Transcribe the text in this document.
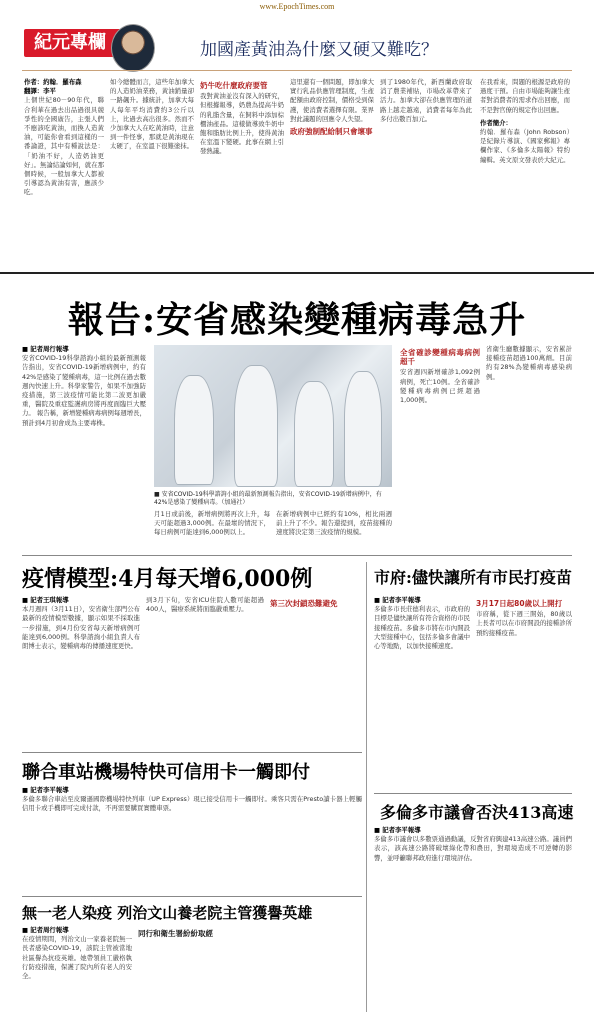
www.EpochTimes.com
紀元專欄	加國產黃油為什麼又硬又難吃？
作者：約翰．羅布森
翻譯：李平
上個世紀80－90年代，聯合利華在過去出品過很具競爭性的全國廣告，主張人們不應該吃黃油，而換人造黃油，可能你會看到這樣的一番論證，其中有種說法是：「奶油不好，人造奶油更好」。無論結論如何，就在那個時候，一般加拿大人都被引導認為黃油有害，應該少吃。
如今總體而言，這些年加拿大的人造奶油業務，黃油銷量卻一路飆升。據統計，加拿大每人每年平均消費約3公斤以上，比過去高出很多。然而不少加拿大人在吃黃油時，注意到一件怪事，那就是黃油現在太硬了，在室溫下很難塗抹。
奶牛吃什麼政府要管
我對黃油並沒有深入的研究，但根據報導，奶農為提高牛奶的乳脂含量，在飼料中添加棕櫚油產品。這樣做導致牛奶中飽和脂肪比例上升，使得黃油在室溫下變硬。此事在網上引發熱議。
這里還有一個問題，即加拿大實行乳品供應管理制度，生產配額由政府控制，價格受到保護，使消費者選擇有限。業界對此議題的回應令人失望。
政府強制配給制只會壞事
到了1980年代，新西蘭政府取消了農業補貼，市場改革帶來了活力。加拿大卻在供應管理的道路上越走越遠，消費者每年為此多付出數百加元。
在我看來，問題的根源是政府的過度干預。自由市場能夠讓生產者對消費者的需求作出回應，而不是對官僚的規定作出回應。
作者簡介：
約翰．羅布森（John Robson）是紀錄片導演、《國家郵報》專欄作家、《多倫多太陽報》特約編輯。英文原文發表於大紀元。
報告:安省感染變種病毒急升
■ 記者周行報導
安省COVID-19科學諮詢小組的最新預測報告指出，安省COVID-19新增病例中，約有42%是感染了變種病毒，這一比例在過去數週內快速上升。科學家警告，如果不加強防疫措施，第三波疫情可能比第二波更加嚴重，醫院及重症監護病房將再度面臨巨大壓力。 報告稱，新增變種病毒病例每週增長，預計到4月初會成為主要毒株。
■ 安省COVID-19科學諮詢小組的最新預測報告指出，安省COVID-19新增病例中，有42%是感染了變種病毒。（加通社）
月1日或前後，新增病例將再次上升，每天可能超過3,000例。在最壞的情況下，每日病例可能達到6,000例以上。
在新增病例中已經約有10%，相比兩週前上升了不少。報告還提到，疫苗接種的速度將決定第三波疫情的規模。
全省確診變種病毒病例超千
安省週四新增確診1,092例病例，死亡10例。全省確診變種病毒病例已經超過1,000例。
省衛生廳數據顯示，安省累計接種疫苗超過100萬劑。目前約有28%為變種病毒感染病例。
疫情模型:4月每天增6,000例
■ 記者王琪報導
本月週四（3月11日），安省衛生部門公布最新的疫情模型數據，顯示如果不採取進一步措施，到4月份安省每天新增病例可能達到6,000例。科學諮詢小組負責人布朗博士表示，變種病毒的傳播速度更快。
到3月下旬，安省ICU住院人數可能超過400人，醫療系統將面臨嚴重壓力。
第三次封鎖恐難避免
市府:儘快讓所有市民打疫苗
■ 記者李平報導
多倫多市長莊德利表示，市政府的目標是儘快讓所有符合資格的市民接種疫苗。多倫多市將在市內開設大型接種中心，包括多倫多會議中心等地點，以加快接種速度。
3月17日起80歲以上開打
市府稱，從下週三開始，80歲以上長者可以在市府開設的接種診所預約接種疫苗。
聯合車站機場特快可信用卡一觸即付
■ 記者李平報導
多倫多聯合車站至皮爾遜國際機場特快列車（UP Express）現已接受信用卡一觸即付。乘客只需在Presto讀卡器上輕觸信用卡或手機即可完成付款，不再需要購買實體車票。	多倫多市議會否決413高速
■ 記者李平報導
多倫多市議會以多數票通過動議，反對省府興建413高速公路。議員們表示，該高速公路將破壞綠化帶和農田，對環境造成不可逆轉的影響，並呼籲聯邦政府進行環境評估。
無一老人染疫 列治文山養老院主管獲譽英雄
■ 記者周行報導
在疫情期間，列治文山一家養老院無一長者感染COVID-19，該院主管被當地社區譽為抗疫英雄。她帶領員工嚴格執行防疫措施，保護了院內所有老人的安全。
同行和衛生署紛紛取經
